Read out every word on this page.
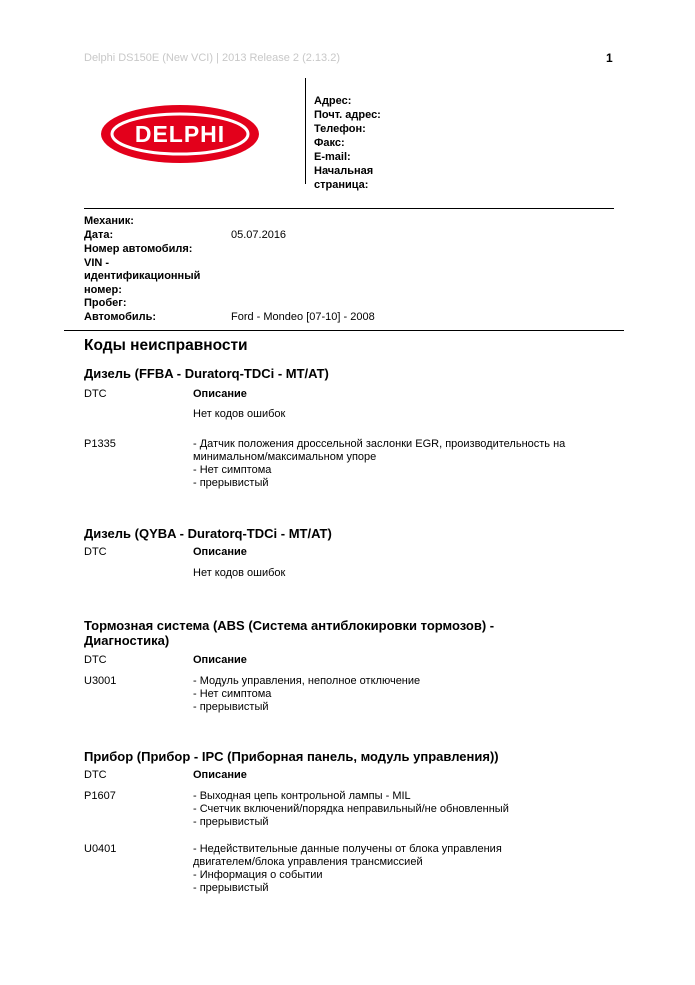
Delphi DS150E (New VCI) | 2013 Release 2 (2.13.2)	1
DELPHI
Адрес:
Почт. адрес:
Телефон:
Факс:
E-mail:
Начальная
страница:
Механик:
Дата:	05.07.2016
Номер автомобиля:
VIN -
идентификационный
номер:
Пробег:
Автомобиль:	Ford - Mondeo [07-10] - 2008
Коды неисправности
Дизель (FFBA - Duratorq-TDCi - MT/AT)
DTC	Описание
Нет кодов ошибок
P1335	- Датчик положения дроссельной заслонки EGR, производительность на
минимальном/максимальном упоре
- Нет симптома
- прерывистый
Дизель (QYBA - Duratorq-TDCi - MT/AT)
DTC	Описание
Нет кодов ошибок
Тормозная система (ABS (Система антиблокировки тормозов) -
Диагностика)
DTC	Описание
U3001	- Модуль управления, неполное отключение
- Нет симптома
- прерывистый
Прибор (Прибор - IPC (Приборная панель, модуль управления))
DTC	Описание
P1607	- Выходная цепь контрольной лампы - MIL
- Счетчик включений/порядка неправильный/не обновленный
- прерывистый
U0401	- Недействительные данные получены от блока управления
двигателем/блока управления трансмиссией
- Информация о событии
- прерывистый
